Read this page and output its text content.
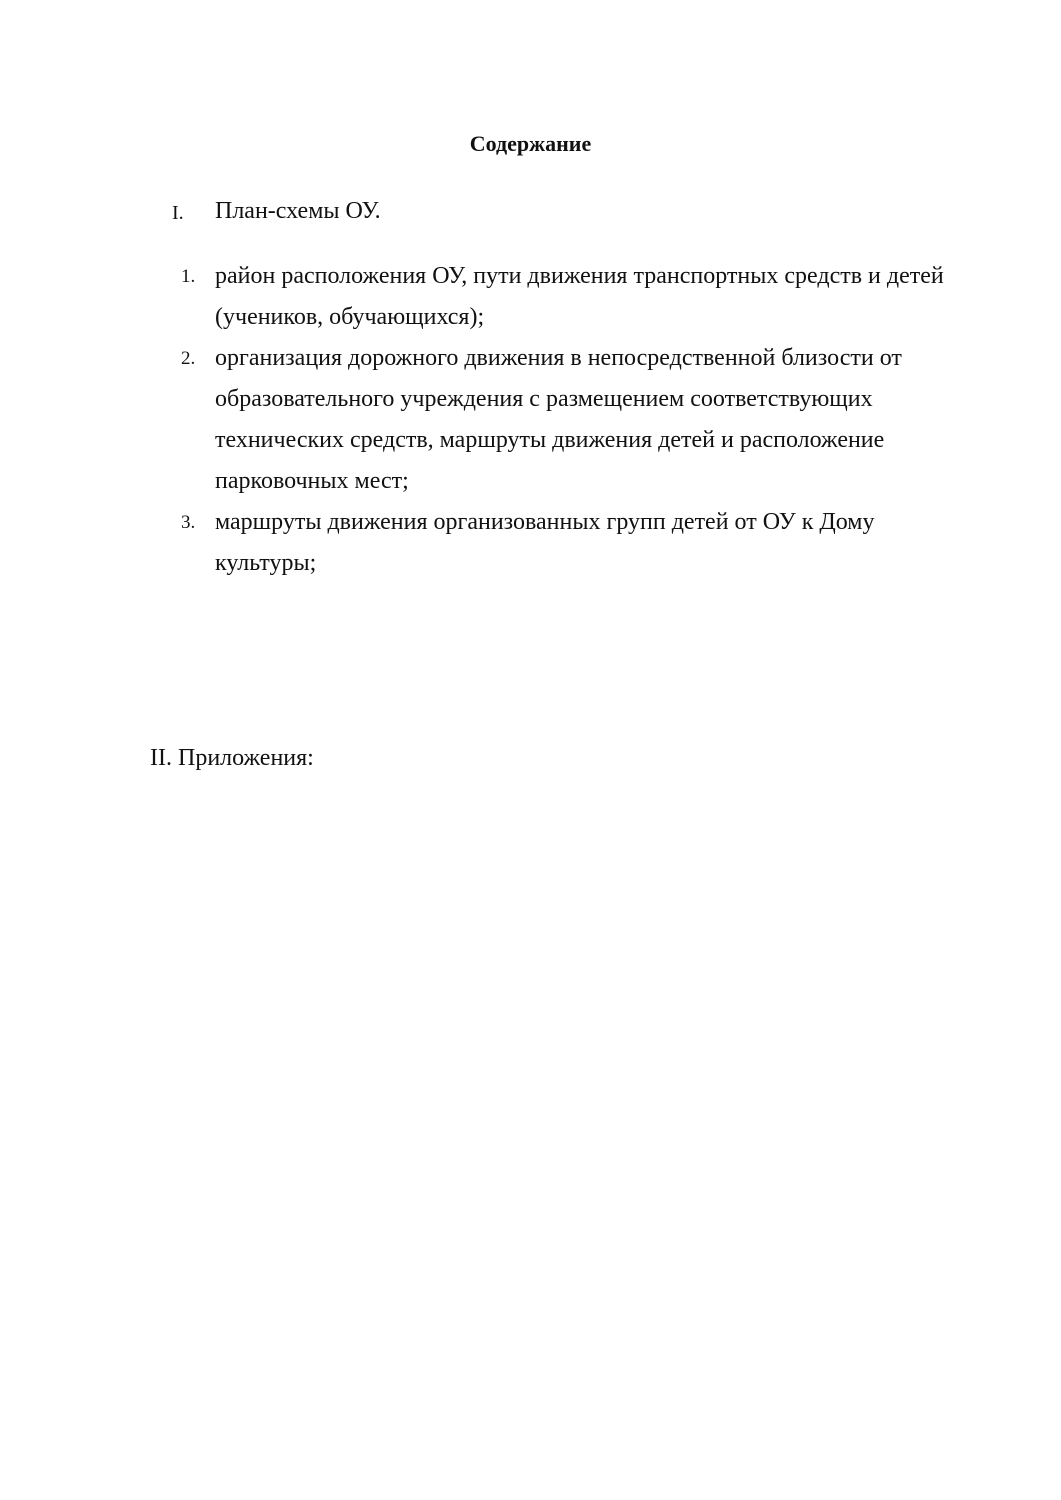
Содержание
I. План-схемы ОУ.

1. район расположения ОУ, пути движения транспортных средств и детей (учеников, обучающихся);

2. организация дорожного движения в непосредственной близости от образовательного учреждения с размещением соответствующих технических средств, маршруты движения детей и расположение парковочных мест;

3. маршруты движения организованных групп детей от ОУ к Дому культуры;

II. Приложения:
